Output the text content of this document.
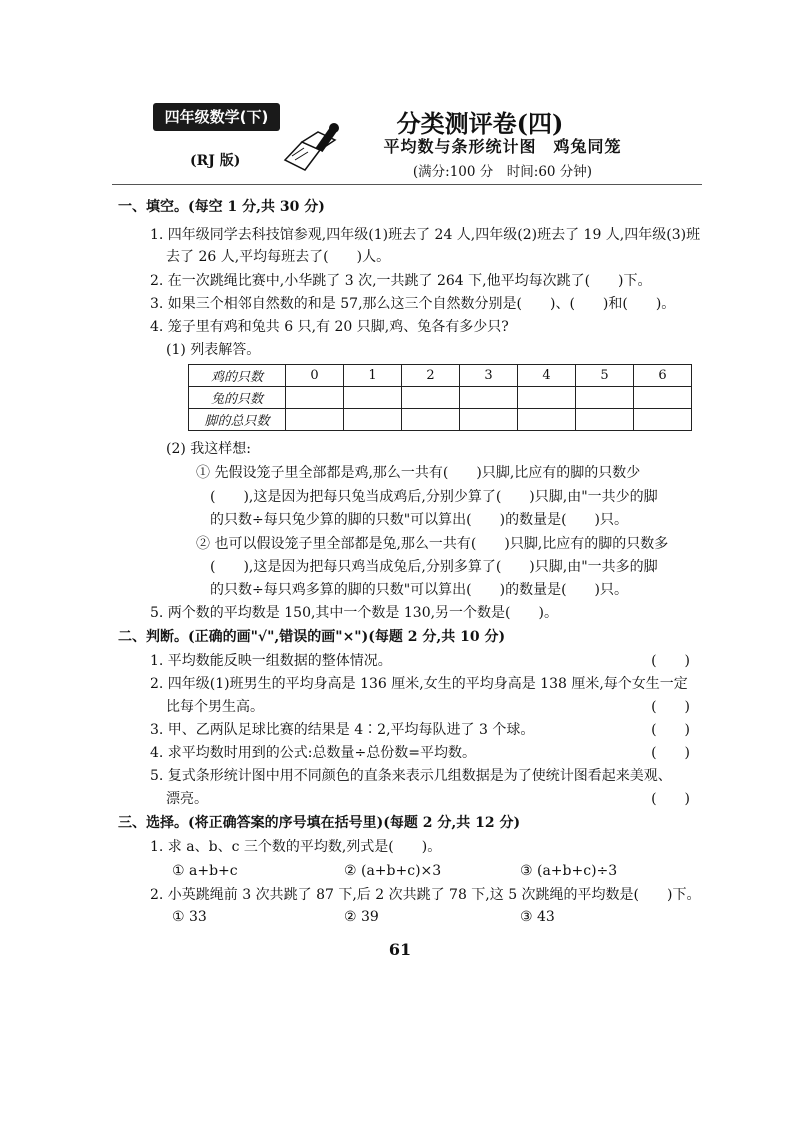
四年级数学(下)
(RJ 版)
分类测评卷(四)
平均数与条形统计图　鸡兔同笼
(满分:100 分　时间:60 分钟)
一、填空。(每空 1 分,共 30 分)
1. 四年级同学去科技馆参观,四年级(1)班去了 24 人,四年级(2)班去了 19 人,四年级(3)班
去了 26 人,平均每班去了(　　)人。
2. 在一次跳绳比赛中,小华跳了 3 次,一共跳了 264 下,他平均每次跳了(　　)下。
3. 如果三个相邻自然数的和是 57,那么这三个自然数分别是(　　)、(　　)和(　　)。
4. 笼子里有鸡和兔共 6 只,有 20 只脚,鸡、兔各有多少只?
(1) 列表解答。
鸡的只数	0	1	2	3	4	5	6
兔的只数							
脚的总只数							
(2) 我这样想:
① 先假设笼子里全部都是鸡,那么一共有(　　)只脚,比应有的脚的只数少
(　　),这是因为把每只兔当成鸡后,分别少算了(　　)只脚,由"一共少的脚
的只数÷每只兔少算的脚的只数"可以算出(　　)的数量是(　　)只。
② 也可以假设笼子里全部都是兔,那么一共有(　　)只脚,比应有的脚的只数多
(　　),这是因为把每只鸡当成兔后,分别多算了(　　)只脚,由"一共多的脚
的只数÷每只鸡多算的脚的只数"可以算出(　　)的数量是(　　)只。
5. 两个数的平均数是 150,其中一个数是 130,另一个数是(　　)。
二、判断。(正确的画"√",错误的画"×")(每题 2 分,共 10 分)
1. 平均数能反映一组数据的整体情况。	(　　)
2. 四年级(1)班男生的平均身高是 136 厘米,女生的平均身高是 138 厘米,每个女生一定
比每个男生高。	(　　)
3. 甲、乙两队足球比赛的结果是 4∶2,平均每队进了 3 个球。	(　　)
4. 求平均数时用到的公式:总数量÷总份数=平均数。	(　　)
5. 复式条形统计图中用不同颜色的直条来表示几组数据是为了使统计图看起来美观、
漂亮。	(　　)
三、选择。(将正确答案的序号填在括号里)(每题 2 分,共 12 分)
1. 求 a、b、c 三个数的平均数,列式是(　　)。
① a+b+c	② (a+b+c)×3	③ (a+b+c)÷3
2. 小英跳绳前 3 次共跳了 87 下,后 2 次共跳了 78 下,这 5 次跳绳的平均数是(　　)下。
① 33	② 39	③ 43
61
